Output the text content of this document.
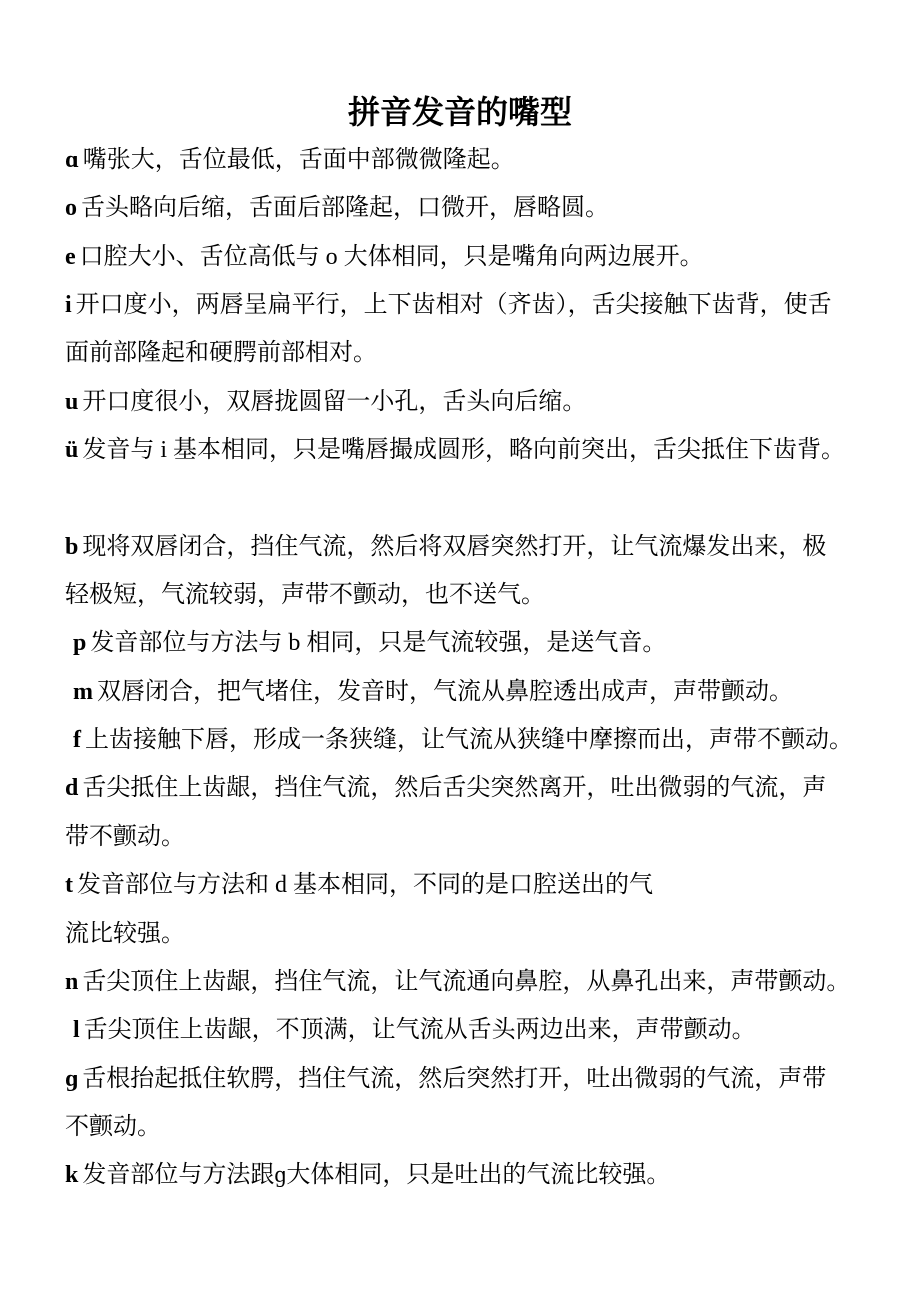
拼音发音的嘴型
ɑ 嘴张大，舌位最低，舌面中部微微隆起。
o 舌头略向后缩，舌面后部隆起，口微开，唇略圆。
e 口腔大小、舌位高低与 o 大体相同，只是嘴角向两边展开。
i 开口度小，两唇呈扁平行，上下齿相对（齐齿），舌尖接触下齿背，使舌
面前部隆起和硬腭前部相对。
u 开口度很小，双唇拢圆留一小孔，舌头向后缩。
ü 发音与 i 基本相同，只是嘴唇撮成圆形，略向前突出，舌尖抵住下齿背。
b 现将双唇闭合，挡住气流，然后将双唇突然打开，让气流爆发出来，极
轻极短，气流较弱，声带不颤动，也不送气。
p 发音部位与方法与 b 相同，只是气流较强，是送气音。
m 双唇闭合，把气堵住，发音时，气流从鼻腔透出成声，声带颤动。
f 上齿接触下唇，形成一条狭缝，让气流从狭缝中摩擦而出，声带不颤动。
d 舌尖抵住上齿龈，挡住气流，然后舌尖突然离开，吐出微弱的气流，声
带不颤动。
t 发音部位与方法和 d 基本相同，不同的是口腔送出的气
流比较强。
n 舌尖顶住上齿龈，挡住气流，让气流通向鼻腔，从鼻孔出来，声带颤动。
l 舌尖顶住上齿龈，不顶满，让气流从舌头两边出来，声带颤动。
ɡ 舌根抬起抵住软腭，挡住气流，然后突然打开，吐出微弱的气流，声带
不颤动。
k 发音部位与方法跟ɡ大体相同，只是吐出的气流比较强。
